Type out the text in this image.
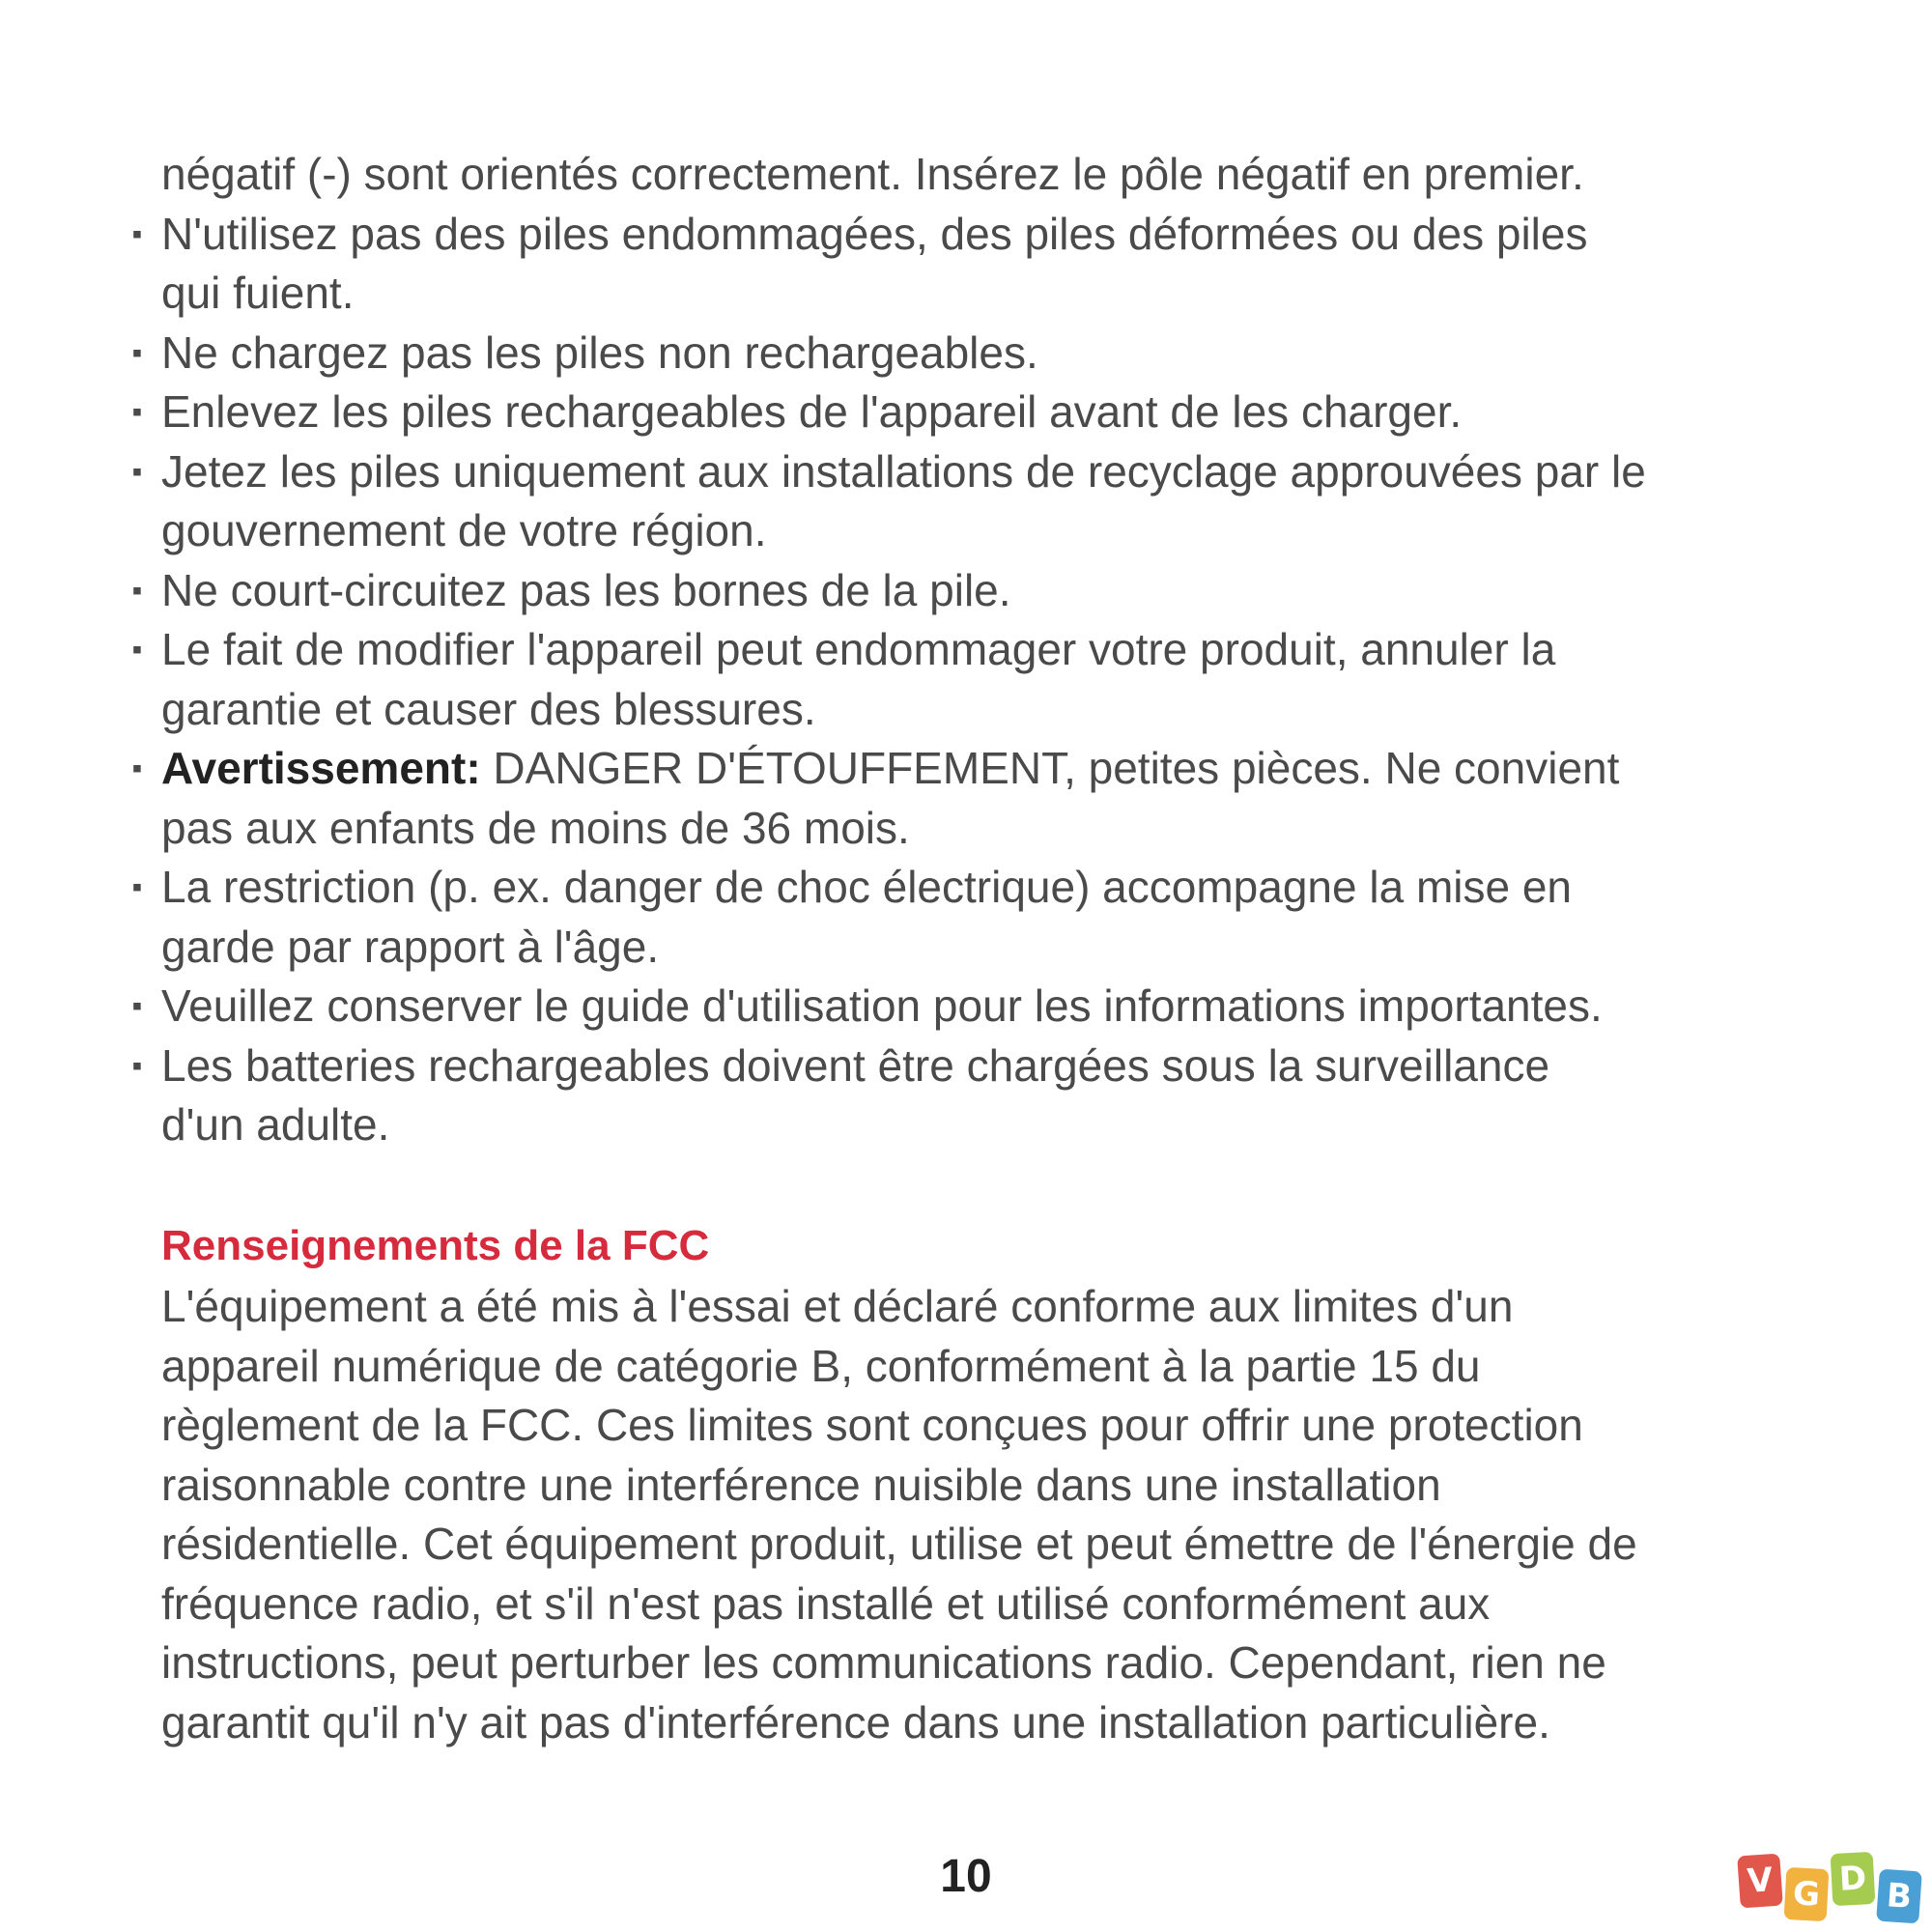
négatif (-) sont orientés correctement. Insérez le pôle négatif en premier.
▪ N'utilisez pas des piles endommagées, des piles déformées ou des piles
qui fuient.
▪ Ne chargez pas les piles non rechargeables.
▪ Enlevez les piles rechargeables de l'appareil avant de les charger.
▪ Jetez les piles uniquement aux installations de recyclage approuvées par le
gouvernement de votre région.
▪ Ne court-circuitez pas les bornes de la pile.
▪ Le fait de modifier l'appareil peut endommager votre produit, annuler la
garantie et causer des blessures.
▪ Avertissement: DANGER D'ÉTOUFFEMENT, petites pièces. Ne convient
pas aux enfants de moins de 36 mois.
▪ La restriction (p. ex. danger de choc électrique) accompagne la mise en
garde par rapport à l'âge.
▪ Veuillez conserver le guide d'utilisation pour les informations importantes.
▪ Les batteries rechargeables doivent être chargées sous la surveillance
d'un adulte.
Renseignements de la FCC
L'équipement a été mis à l'essai et déclaré conforme aux limites d'un
appareil numérique de catégorie B, conformément à la partie 15 du
règlement de la FCC. Ces limites sont conçues pour offrir une protection
raisonnable contre une interférence nuisible dans une installation
résidentielle. Cet équipement produit, utilise et peut émettre de l'énergie de
fréquence radio, et s'il n'est pas installé et utilisé conformément aux
instructions, peut perturber les communications radio. Cependant, rien ne
garantit qu'il n'y ait pas d'interférence dans une installation particulière.
10	V G D B
